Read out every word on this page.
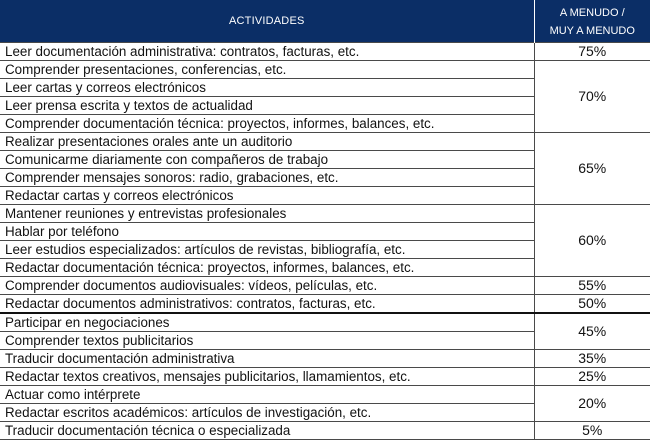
ACTIVIDADES	A MENUDO /
MUY A MENUDO
Leer documentación administrativa: contratos, facturas, etc.	75%
Comprender presentaciones, conferencias, etc.	70%
Leer cartas y correos electrónicos	
Leer prensa escrita y textos de actualidad	
Comprender documentación técnica: proyectos, informes, balances, etc.	
Realizar presentaciones orales ante un auditorio	65%
Comunicarme diariamente con compañeros de trabajo	
Comprender mensajes sonoros: radio, grabaciones, etc.	
Redactar cartas y correos electrónicos	
Mantener reuniones y entrevistas profesionales	60%
Hablar por teléfono	
Leer estudios especializados: artículos de revistas, bibliografía, etc.	
Redactar documentación técnica: proyectos, informes, balances, etc.	
Comprender documentos audiovisuales: vídeos, películas, etc.	55%
Redactar documentos administrativos: contratos, facturas, etc.	50%
Participar en negociaciones	45%
Comprender textos publicitarios	
Traducir documentación administrativa	35%
Redactar textos creativos, mensajes publicitarios, llamamientos, etc.	25%
Actuar como intérprete	20%
Redactar escritos académicos: artículos de investigación, etc.	
Traducir documentación técnica o especializada	5%
